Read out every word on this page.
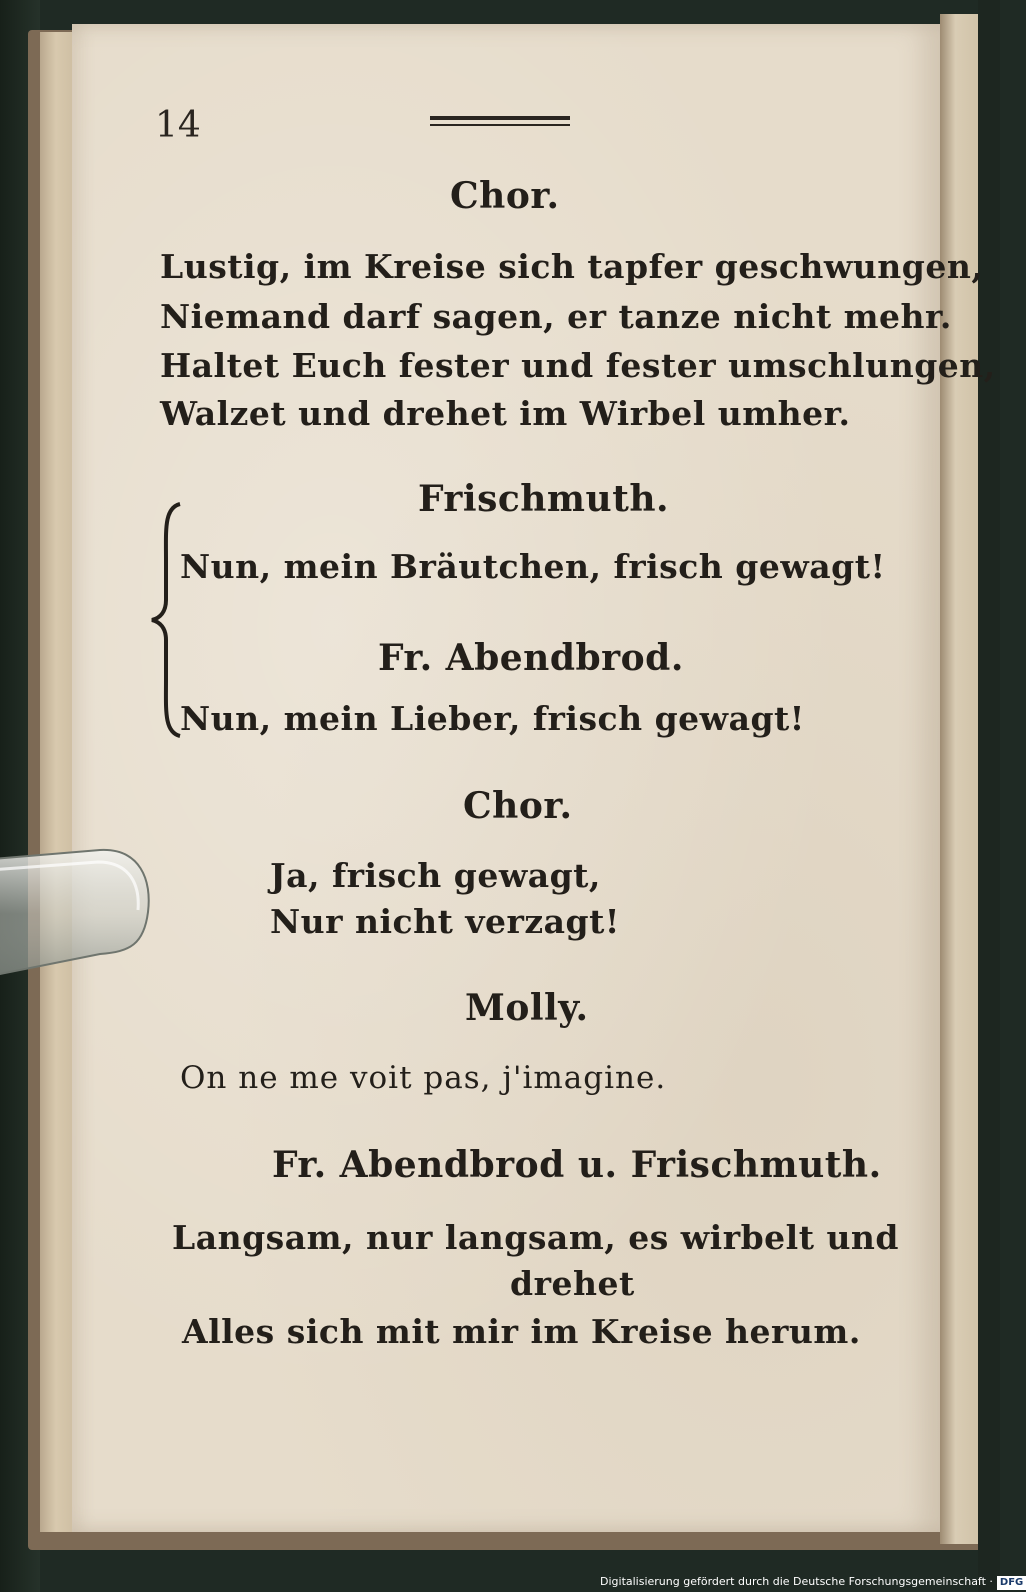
14
Chor.
Lustig, im Kreise sich tapfer geschwungen,
Niemand darf sagen, er tanze nicht mehr.
Haltet Euch fester und fester umschlungen,
Walzet und drehet im Wirbel umher.
Frischmuth.
Nun, mein Bräutchen, frisch gewagt!
Fr. Abendbrod.
Nun, mein Lieber, frisch gewagt!
Chor.
Ja, frisch gewagt,
Nur nicht verzagt!
Molly.
On ne me voit pas, j'imagine.
Fr. Abendbrod u. Frischmuth.
Langsam, nur langsam, es wirbelt und
drehet
Alles sich mit mir im Kreise herum.
Digitalisierung gefördert durch die Deutsche Forschungsgemeinschaft · DFG
